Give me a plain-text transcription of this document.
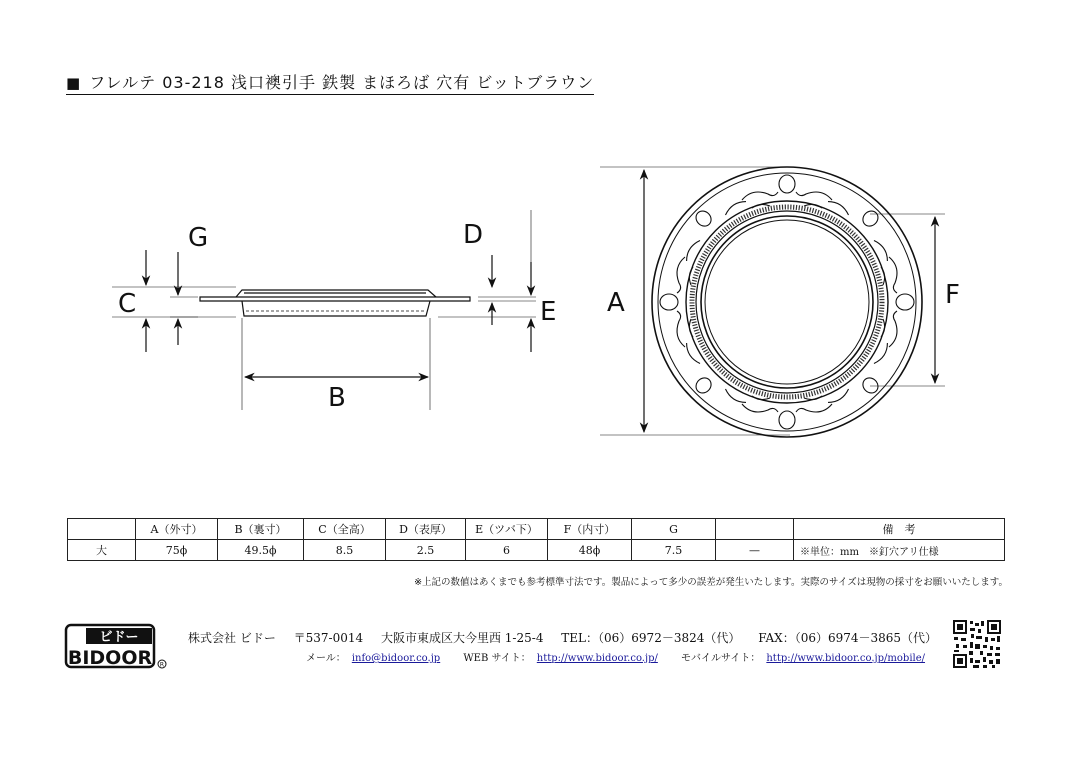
■ フレルテ 03-218 浅口襖引手 鉄製 まほろば 穴有 ビットブラウン
C
G	D
E
B
A	F
	A（外寸）	B（裏寸）	C（全高）	D（表厚）	E（ツバ下）	F（内寸）	G		備　考
大	75ϕ	49.5ϕ	8.5	2.5	6	48ϕ	7.5	—	※単位：mm　※釘穴アリ仕様
※上記の数値はあくまでも参考標準寸法です。製品によって多少の誤差が発生いたします。実際のサイズは現物の採寸をお願いいたします。
ビドー
BIDOOR R
株式会社 ビドー 〒537-0014 大阪市東成区大今里西 1-25-4 TEL：（06）6972－3824（代） FAX：（06）6974－3865（代）
メール： info@bidoor.co.jp WEB サイト： http://www.bidoor.co.jp/ モバイルサイト： http://www.bidoor.co.jp/mobile/
